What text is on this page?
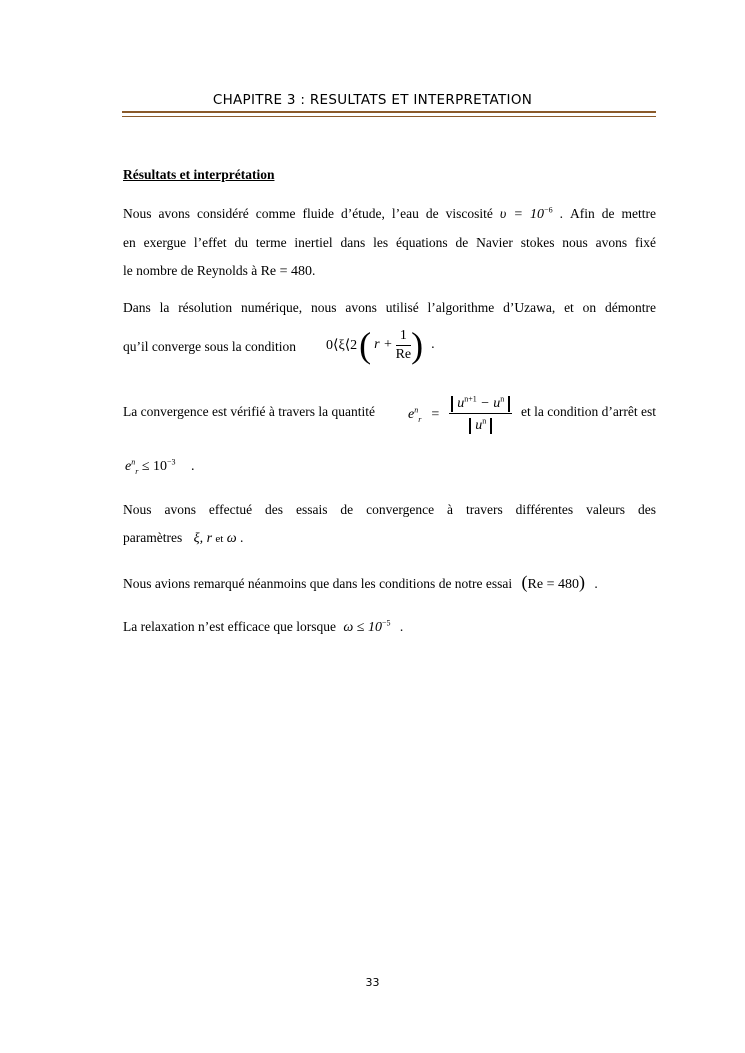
CHAPITRE 3 : RESULTATS ET INTERPRETATION
Résultats et interprétation
Nous avons considéré comme fluide d’étude, l’eau de viscosité $\upsilon = 10^{-6}$ . Afin de mettre
en exergue l’effet du terme inertiel dans les équations de Navier stokes nous avons fixé
le nombre de Reynolds à Re = 480.
Dans la résolution numérique, nous avons utilisé l’algorithme d’Uzawa, et on démontre
qu’il converge sous la condition	0⟨ξ⟨2 ( $r + \frac{1}{Re}$ ) .
La convergence est vérifié à travers la quantité	$e^n_r = \frac{u^{n+1} - u^n}{u^n}$ et la condition d’arrêt est
$e^n_r \le 10^{-3}$ .
Nous avons effectué des essais de convergence à travers différentes valeurs des
paramètres ξ, r et ω .
Nous avions remarqué néanmoins que dans les conditions de notre essai (Re = 480) .
La relaxation n’est efficace que lorsque $\omega \le 10^{-5}$ .
33
